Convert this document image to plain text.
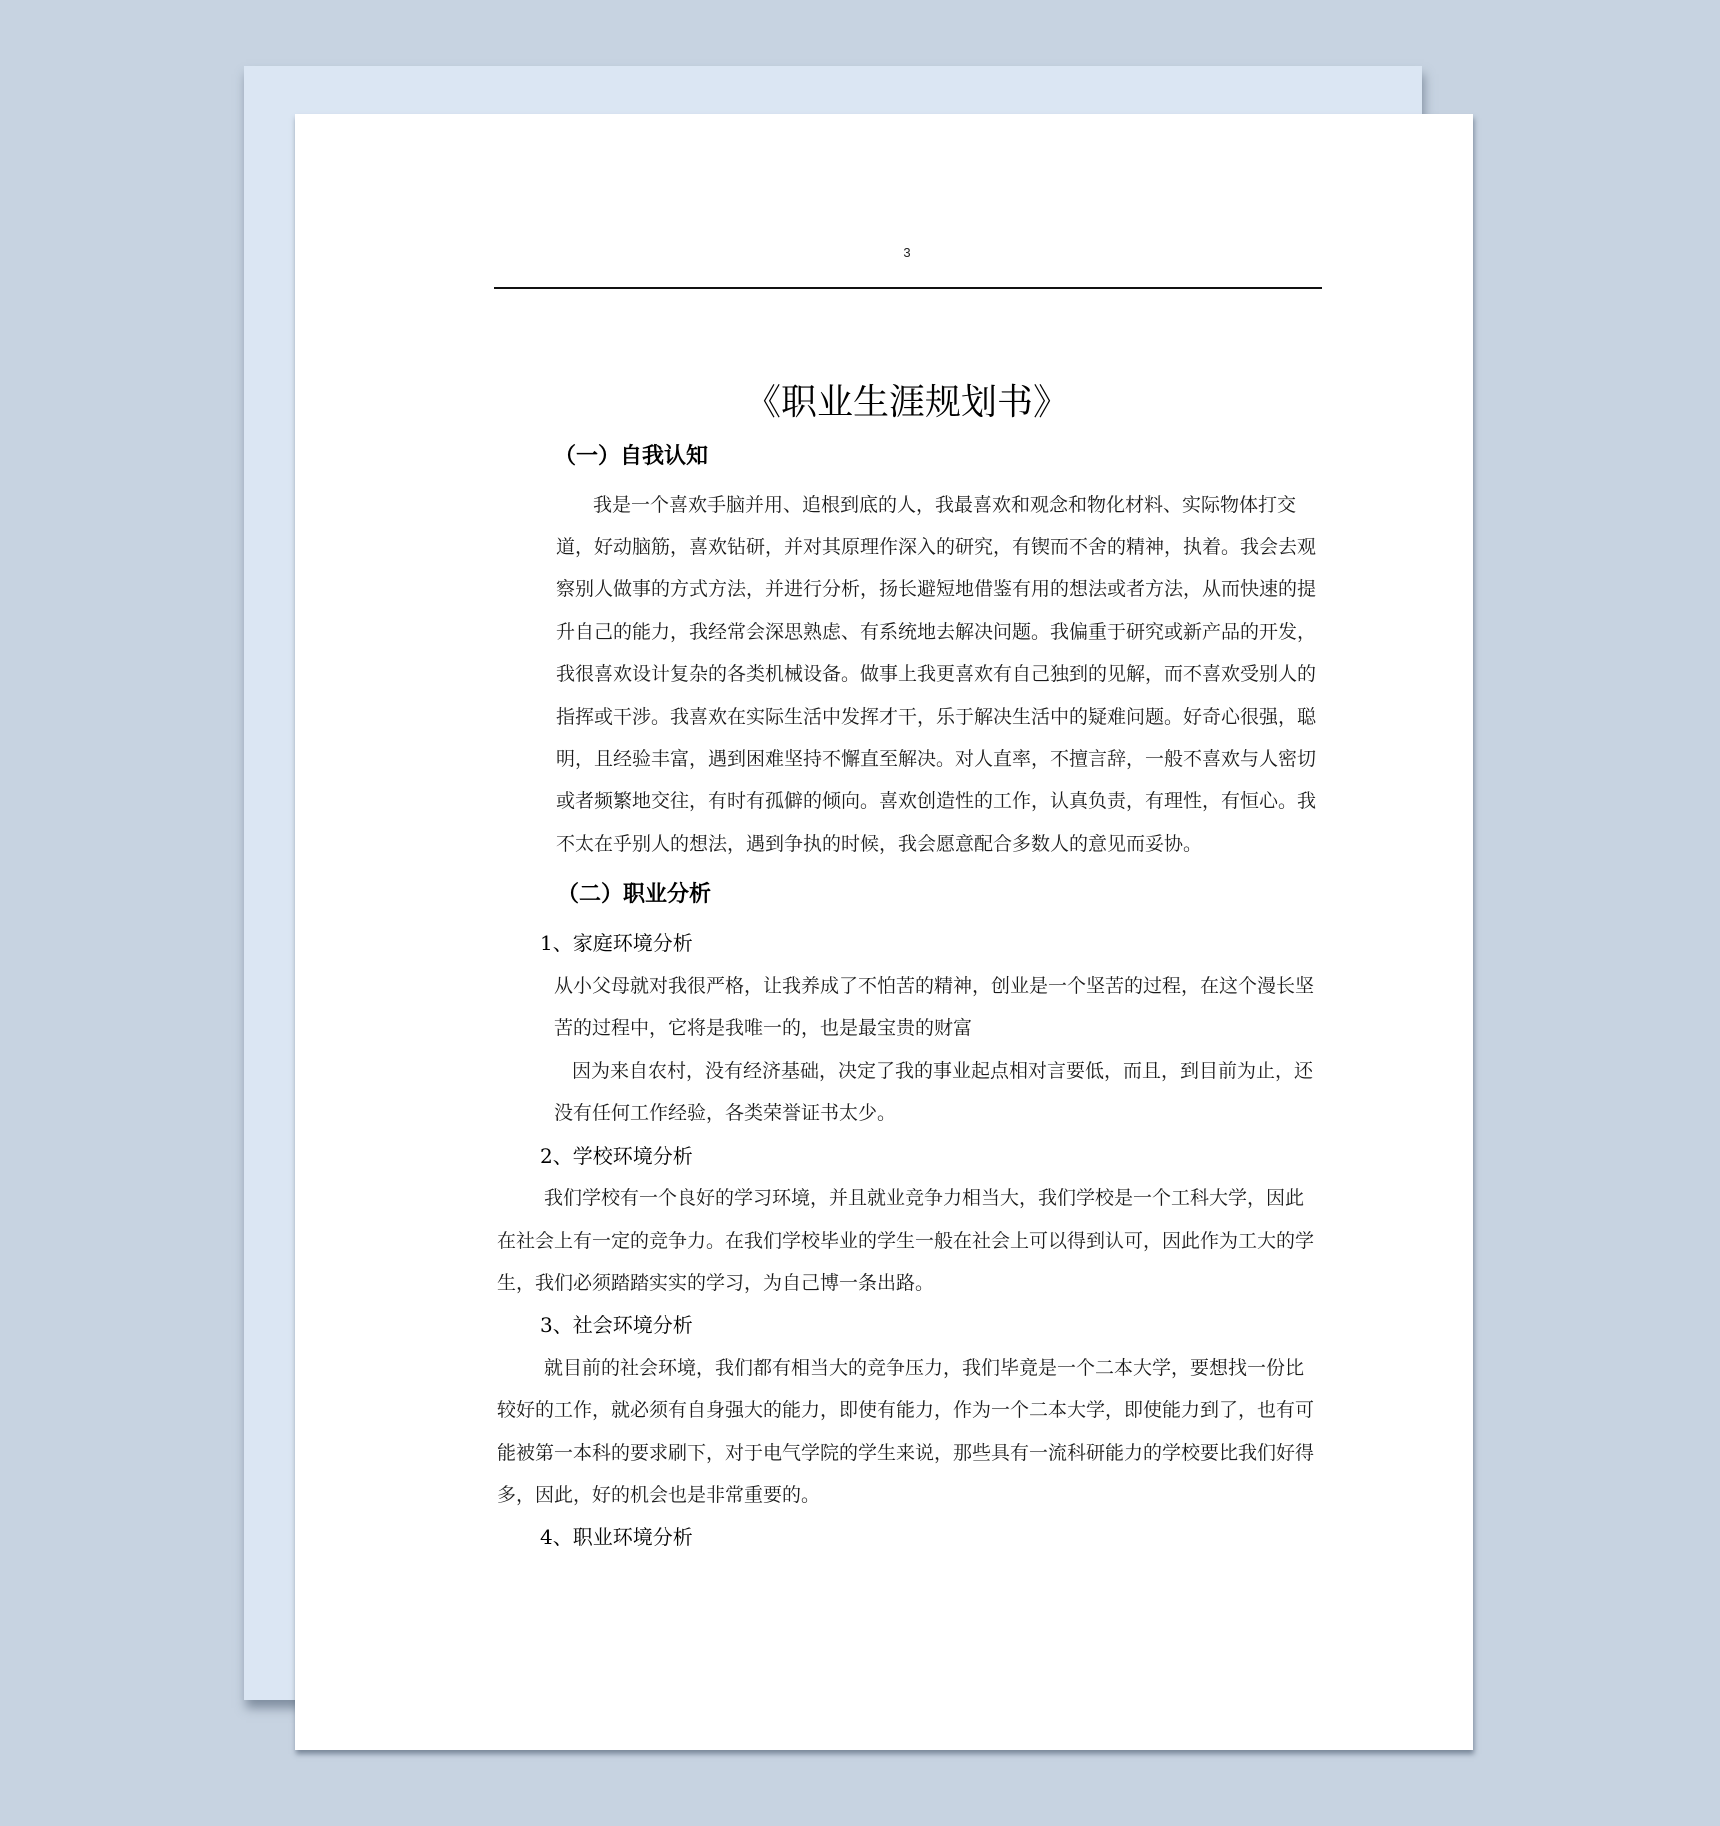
3
《职业生涯规划书》
（一）自我认知
我是一个喜欢手脑并用、追根到底的人，我最喜欢和观念和物化材料、实际物体打交
道，好动脑筋，喜欢钻研，并对其原理作深入的研究，有锲而不舍的精神，执着。我会去观
察别人做事的方式方法，并进行分析，扬长避短地借鉴有用的想法或者方法，从而快速的提
升自己的能力，我经常会深思熟虑、有系统地去解决问题。我偏重于研究或新产品的开发，
我很喜欢设计复杂的各类机械设备。做事上我更喜欢有自己独到的见解，而不喜欢受别人的
指挥或干涉。我喜欢在实际生活中发挥才干，乐于解决生活中的疑难问题。好奇心很强，聪
明，且经验丰富，遇到困难坚持不懈直至解决。对人直率，不擅言辞，一般不喜欢与人密切
或者频繁地交往，有时有孤僻的倾向。喜欢创造性的工作，认真负责，有理性，有恒心。我
不太在乎别人的想法，遇到争执的时候，我会愿意配合多数人的意见而妥协。
（二）职业分析
1、家庭环境分析
从小父母就对我很严格，让我养成了不怕苦的精神，创业是一个坚苦的过程，在这个漫长坚
苦的过程中，它将是我唯一的，也是最宝贵的财富
因为来自农村，没有经济基础，决定了我的事业起点相对言要低，而且，到目前为止，还
没有任何工作经验，各类荣誉证书太少。
2、学校环境分析
我们学校有一个良好的学习环境，并且就业竞争力相当大，我们学校是一个工科大学，因此
在社会上有一定的竞争力。在我们学校毕业的学生一般在社会上可以得到认可，因此作为工大的学
生，我们必须踏踏实实的学习，为自己博一条出路。
3、社会环境分析
就目前的社会环境，我们都有相当大的竞争压力，我们毕竟是一个二本大学，要想找一份比
较好的工作，就必须有自身强大的能力，即使有能力，作为一个二本大学，即使能力到了，也有可
能被第一本科的要求刷下，对于电气学院的学生来说，那些具有一流科研能力的学校要比我们好得
多，因此，好的机会也是非常重要的。
4、职业环境分析
